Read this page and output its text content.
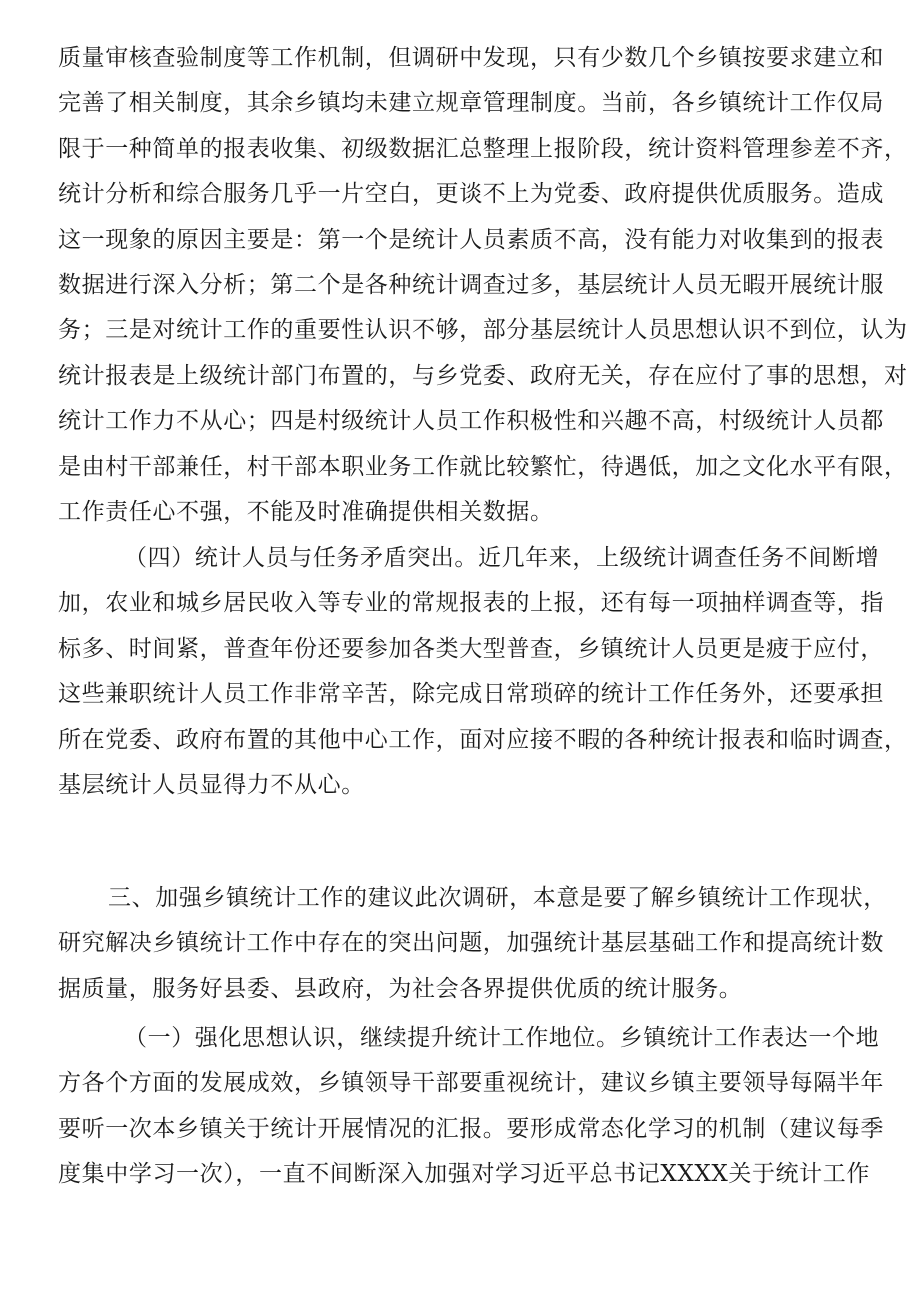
质量审核查验制度等工作机制，但调研中发现，只有少数几个乡镇按要求建立和
完善了相关制度，其余乡镇均未建立规章管理制度。当前，各乡镇统计工作仅局
限于一种简单的报表收集、初级数据汇总整理上报阶段，统计资料管理参差不齐，
统计分析和综合服务几乎一片空白，更谈不上为党委、政府提供优质服务。造成
这一现象的原因主要是：第一个是统计人员素质不高，没有能力对收集到的报表
数据进行深入分析；第二个是各种统计调查过多，基层统计人员无暇开展统计服
务；三是对统计工作的重要性认识不够，部分基层统计人员思想认识不到位，认为
统计报表是上级统计部门布置的，与乡党委、政府无关，存在应付了事的思想，对
统计工作力不从心；四是村级统计人员工作积极性和兴趣不高，村级统计人员都
是由村干部兼任，村干部本职业务工作就比较繁忙，待遇低，加之文化水平有限，
工作责任心不强，不能及时准确提供相关数据。
（四）统计人员与任务矛盾突出。近几年来，上级统计调查任务不间断增
加，农业和城乡居民收入等专业的常规报表的上报，还有每一项抽样调查等，指
标多、时间紧，普查年份还要参加各类大型普查，乡镇统计人员更是疲于应付，
这些兼职统计人员工作非常辛苦，除完成日常琐碎的统计工作任务外，还要承担
所在党委、政府布置的其他中心工作，面对应接不暇的各种统计报表和临时调查，
基层统计人员显得力不从心。
三、加强乡镇统计工作的建议此次调研，本意是要了解乡镇统计工作现状，
研究解决乡镇统计工作中存在的突出问题，加强统计基层基础工作和提高统计数
据质量，服务好县委、县政府，为社会各界提供优质的统计服务。
（一）强化思想认识，继续提升统计工作地位。乡镇统计工作表达一个地
方各个方面的发展成效，乡镇领导干部要重视统计，建议乡镇主要领导每隔半年
要听一次本乡镇关于统计开展情况的汇报。要形成常态化学习的机制（建议每季
度集中学习一次），一直不间断深入加强对学习近平总书记XXXX关于统计工作
